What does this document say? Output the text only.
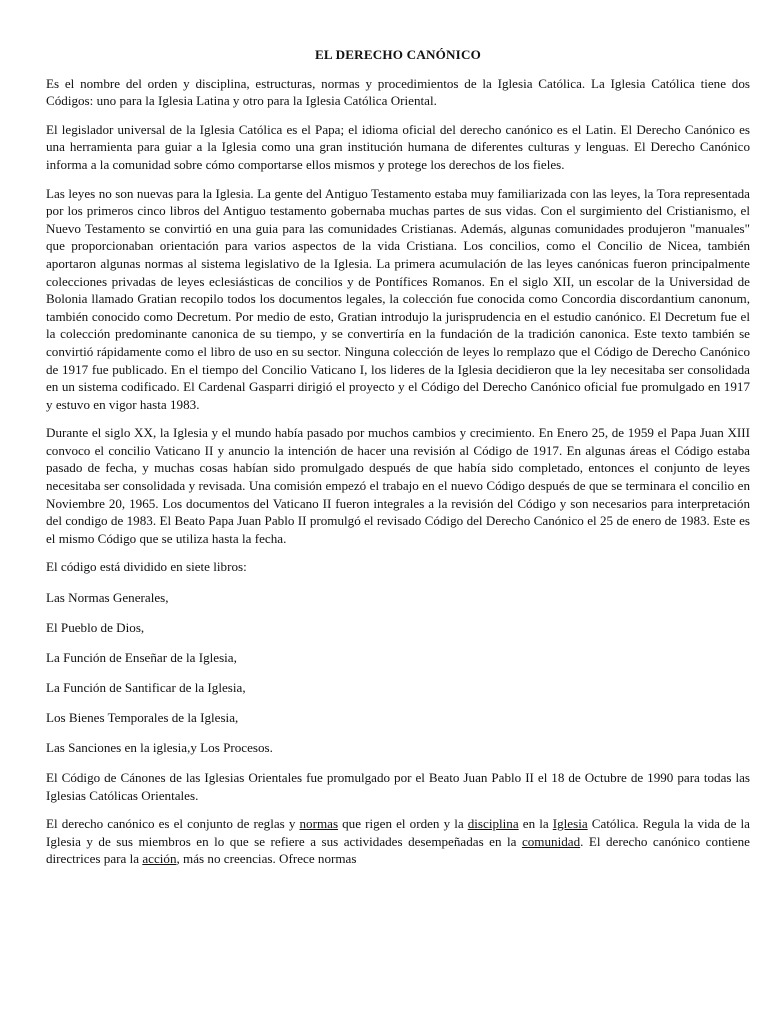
EL DERECHO CANÓNICO

Es el nombre del orden y disciplina, estructuras, normas y procedimientos de la Iglesia Católica. La Iglesia Católica tiene dos Códigos: uno para la Iglesia Latina y otro para la Iglesia Católica Oriental.

El legislador universal de la Iglesia Católica es el Papa; el idioma oficial del derecho canónico es el Latin. El Derecho Canónico es una herramienta para guiar a la Iglesia como una gran institución humana de diferentes culturas y lenguas. El Derecho Canónico informa a la comunidad sobre cómo comportarse ellos mismos y protege los derechos de los fieles.

Las leyes no son nuevas para la Iglesia. La gente del Antiguo Testamento estaba muy familiarizada con las leyes, la Tora representada por los primeros cinco libros del Antiguo testamento gobernaba muchas partes de sus vidas. Con el surgimiento del Cristianismo, el Nuevo Testamento se convirtió en una guia para las comunidades Cristianas. Además, algunas comunidades produjeron "manuales" que proporcionaban orientación para varios aspectos de la vida Cristiana. Los concilios, como el Concilio de Nicea, también aportaron algunas normas al sistema legislativo de la Iglesia. La primera acumulación de las leyes canónicas fueron principalmente colecciones privadas de leyes eclesiásticas de concilios y de Pontífices Romanos. En el siglo XII, un escolar de la Universidad de Bolonia llamado Gratian recopilo todos los documentos legales, la colección fue conocida como Concordia discordantium canonum, también conocido como Decretum. Por medio de esto, Gratian introdujo la jurisprudencia en el estudio canónico. El Decretum fue el la colección predominante canonica de su tiempo, y se convertiría en la fundación de la tradición canonica. Este texto también se convirtió rápidamente como el libro de uso en su sector. Ninguna colección de leyes lo remplazo que el Código de Derecho Canónico de 1917 fue publicado. En el tiempo del Concilio Vaticano I, los lideres de la Iglesia decidieron que la ley necesitaba ser consolidada en un sistema codificado. El Cardenal Gasparri dirigió el proyecto y el Código del Derecho Canónico oficial fue promulgado en 1917 y estuvo en vigor hasta 1983.

Durante el siglo XX, la Iglesia y el mundo había pasado por muchos cambios y crecimiento. En Enero 25, de 1959 el Papa Juan XIII convoco el concilio Vaticano II y anuncio la intención de hacer una revisión al Código de 1917. En algunas áreas el Código estaba pasado de fecha, y muchas cosas habían sido promulgado después de que había sido completado, entonces el conjunto de leyes necesitaba ser consolidada y revisada. Una comisión empezó el trabajo en el nuevo Código después de que se terminara el concilio en Noviembre 20, 1965. Los documentos del Vaticano II fueron integrales a la revisión del Código y son necesarios para interpretación del condigo de 1983. El Beato Papa Juan Pablo II promulgó el revisado Código del Derecho Canónico el 25 de enero de 1983. Este es el mismo Código que se utiliza hasta la fecha.

El código está dividido en siete libros:
Las Normas Generales,
El Pueblo de Dios,
La Función de Enseñar de la Iglesia,
La Función de Santificar de la Iglesia,
Los Bienes Temporales de la Iglesia,
Las Sanciones en la iglesia,y Los Procesos.

El Código de Cánones de las Iglesias Orientales fue promulgado por el Beato Juan Pablo II el 18 de Octubre de 1990 para todas las Iglesias Católicas Orientales.

El derecho canónico es el conjunto de reglas y normas que rigen el orden y la disciplina en la Iglesia Católica. Regula la vida de la Iglesia y de sus miembros en lo que se refiere a sus actividades desempeñadas en la comunidad. El derecho canónico contiene directrices para la acción, más no creencias. Ofrece normas
